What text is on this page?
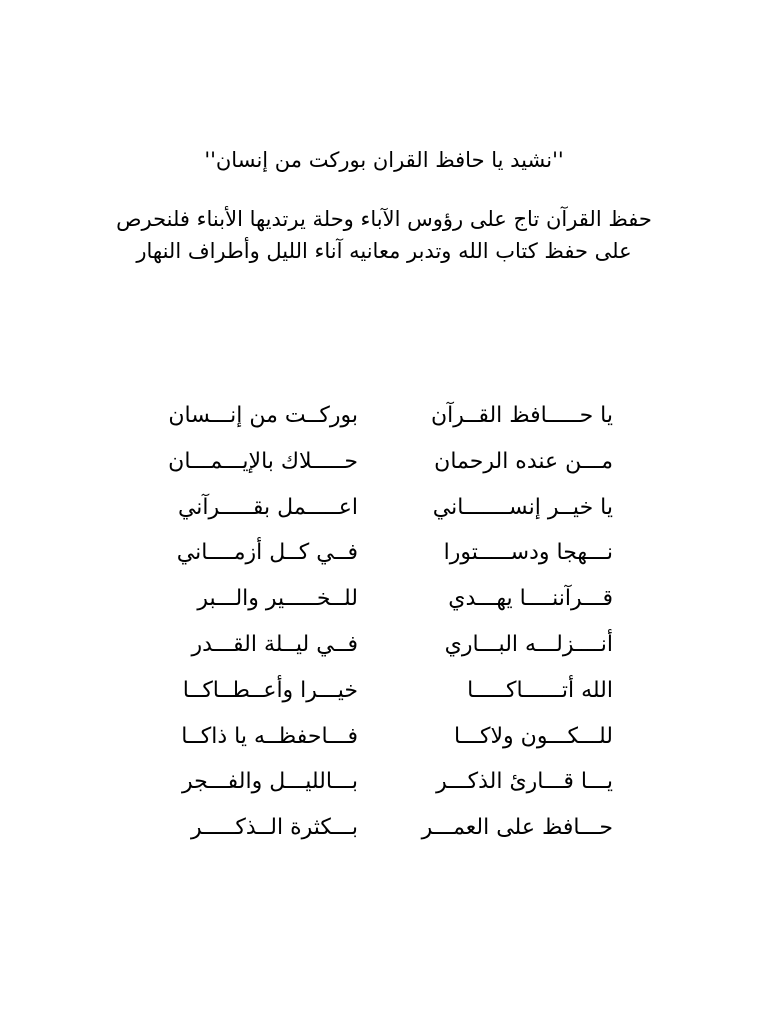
''نشيد يا حافظ القران بوركت من إنسان''

حفظ القرآن تاج على رؤوس الآباء وحلة يرتديها الأبناء فلنحرص
على حفظ كتاب الله وتدبر معانيه آناء الليل وأطراف النهار

يا حـــــافظ القــرآن
بوركــت من إنـــسان
مـــن عنده الرحمان
حـــــلاك بالإيـــمـــان
يا خيــر إنســـــــاني
اعـــــمل بقـــــرآني
نـــهجا ودســـــتورا
فــي كــل أزمــــاني
قـــرآننــــا يهـــدي
للــخـــــير والـــبر
أنــــزلـــه البـــاري
فــي ليــلة القـــدر
الله أتــــــاكـــــا
خيـــرا وأعــطــاكــا
للـــكـــون ولاكـــا
فـــاحفظــه يا ذاكــا
يـــا قـــارئ الذكـــر
بـــالليـــل والفـــجر
حـــافظ على العمـــر
بـــكثرة الــذكـــــر
